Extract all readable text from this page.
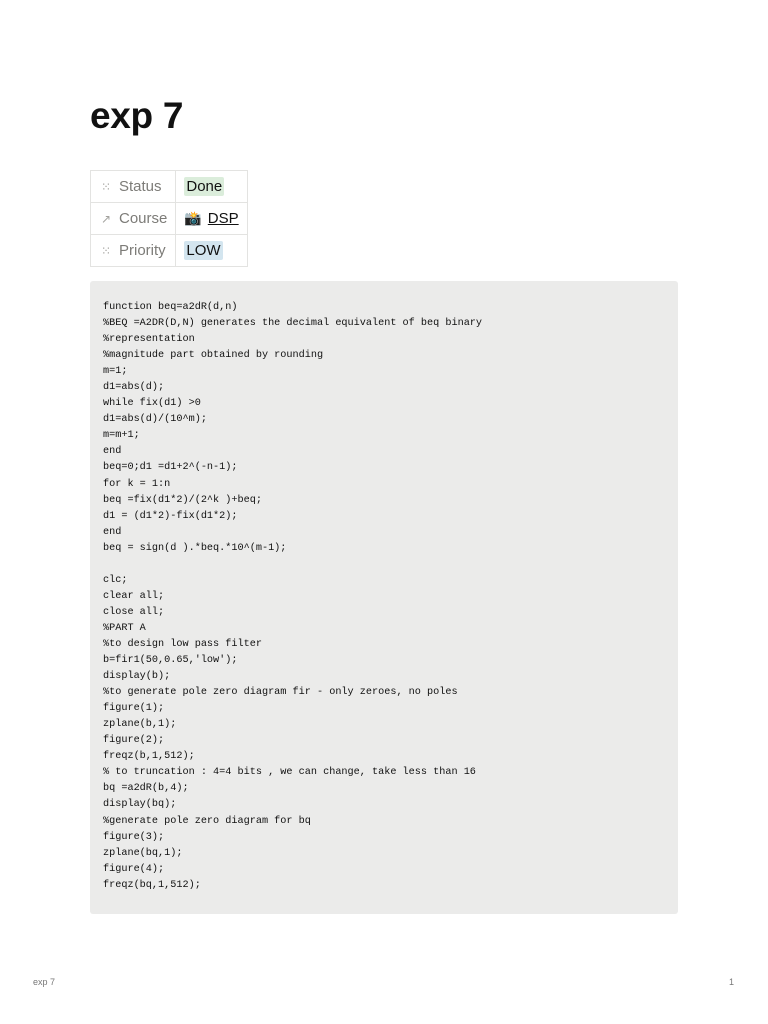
exp 7
⁙ Status	Done
↗ Course	📸 DSP
⁙ Priority	LOW
function beq=a2dR(d,n)
%BEQ =A2DR(D,N) generates the decimal equivalent of beq binary
%representation
%magnitude part obtained by rounding
m=1;
d1=abs(d);
while fix(d1) >0
d1=abs(d)/(10^m);
m=m+1;
end
beq=0;d1 =d1+2^(-n-1);
for k = 1:n
beq =fix(d1*2)/(2^k )+beq;
d1 = (d1*2)-fix(d1*2);
end
beq = sign(d ).*beq.*10^(m-1);

clc;
clear all;
close all;
%PART A
%to design low pass filter
b=fir1(50,0.65,'low');
display(b);
%to generate pole zero diagram fir - only zeroes, no poles
figure(1);
zplane(b,1);
figure(2);
freqz(b,1,512);
% to truncation : 4=4 bits , we can change, take less than 16
bq =a2dR(b,4);
display(bq);
%generate pole zero diagram for bq
figure(3);
zplane(bq,1);
figure(4);
freqz(bq,1,512);
exp 7	1
